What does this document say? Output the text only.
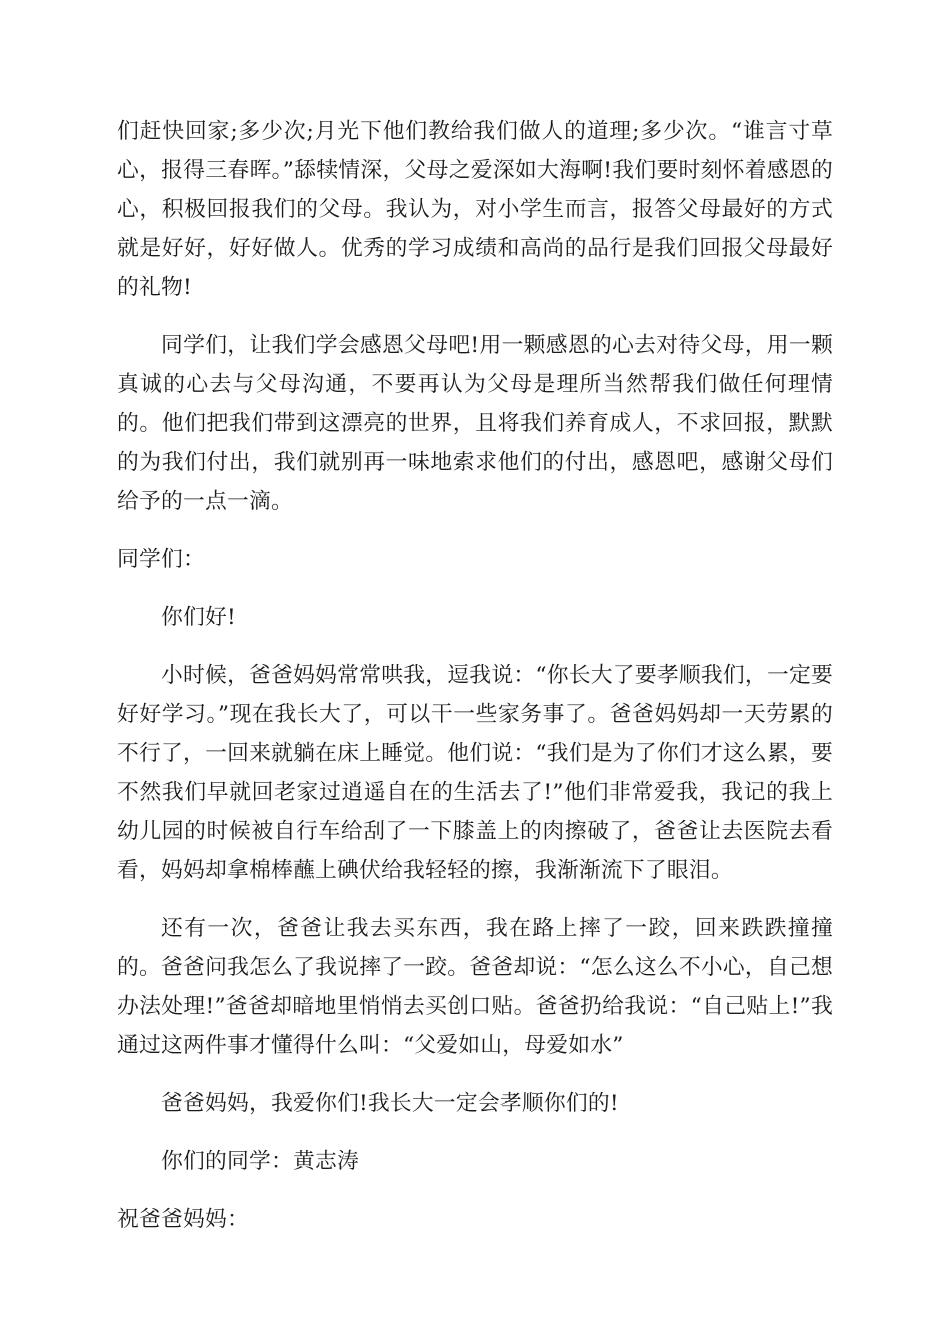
们赶快回家;多少次;月光下他们教给我们做人的道理;多少次。“谁言寸草心，报得三春晖。”舔犊情深，父母之爱深如大海啊!我们要时刻怀着感恩的心，积极回报我们的父母。我认为，对小学生而言，报答父母最好的方式就是好好，好好做人。优秀的学习成绩和高尚的品行是我们回报父母最好的礼物!

同学们，让我们学会感恩父母吧!用一颗感恩的心去对待父母，用一颗真诚的心去与父母沟通，不要再认为父母是理所当然帮我们做任何理情的。他们把我们带到这漂亮的世界，且将我们养育成人，不求回报，默默的为我们付出，我们就别再一味地索求他们的付出，感恩吧，感谢父母们给予的一点一滴。

同学们：

你们好!

小时候，爸爸妈妈常常哄我，逗我说：“你长大了要孝顺我们，一定要好好学习。”现在我长大了，可以干一些家务事了。爸爸妈妈却一天劳累的不行了，一回来就躺在床上睡觉。他们说：“我们是为了你们才这么累，要不然我们早就回老家过逍遥自在的生活去了!”他们非常爱我，我记的我上幼儿园的时候被自行车给刮了一下膝盖上的肉擦破了，爸爸让去医院去看看，妈妈却拿棉棒蘸上碘伏给我轻轻的擦，我渐渐流下了眼泪。

还有一次，爸爸让我去买东西，我在路上摔了一跤，回来跌跌撞撞的。爸爸问我怎么了我说摔了一跤。爸爸却说：“怎么这么不小心，自己想办法处理!”爸爸却暗地里悄悄去买创口贴。爸爸扔给我说：“自己贴上!”我通过这两件事才懂得什么叫：“父爱如山，母爱如水”

爸爸妈妈，我爱你们!我长大一定会孝顺你们的!

你们的同学：黄志涛

祝爸爸妈妈：
